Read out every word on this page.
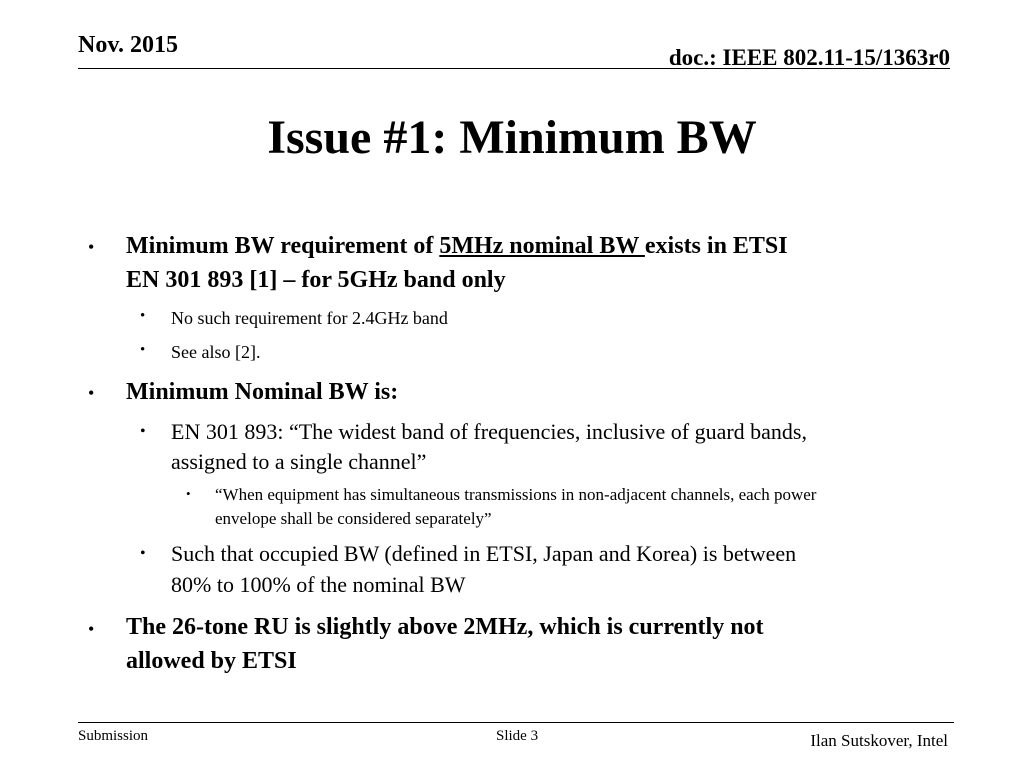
Nov. 2015	doc.: IEEE 802.11-15/1363r0
Issue #1: Minimum BW
• Minimum BW requirement of 5MHz nominal BW exists in ETSI
EN 301 893 [1] – for 5GHz band only
• No such requirement for 2.4GHz band
• See also [2].
• Minimum Nominal BW is:
• EN 301 893: “The widest band of frequencies, inclusive of guard bands,
assigned to a single channel”
• “When equipment has simultaneous transmissions in non-adjacent channels, each power
envelope shall be considered separately”
• Such that occupied BW (defined in ETSI, Japan and Korea) is between
80% to 100% of the nominal BW
• The 26-tone RU is slightly above 2MHz, which is currently not
allowed by ETSI
Submission	Slide 3	Ilan Sutskover, Intel
